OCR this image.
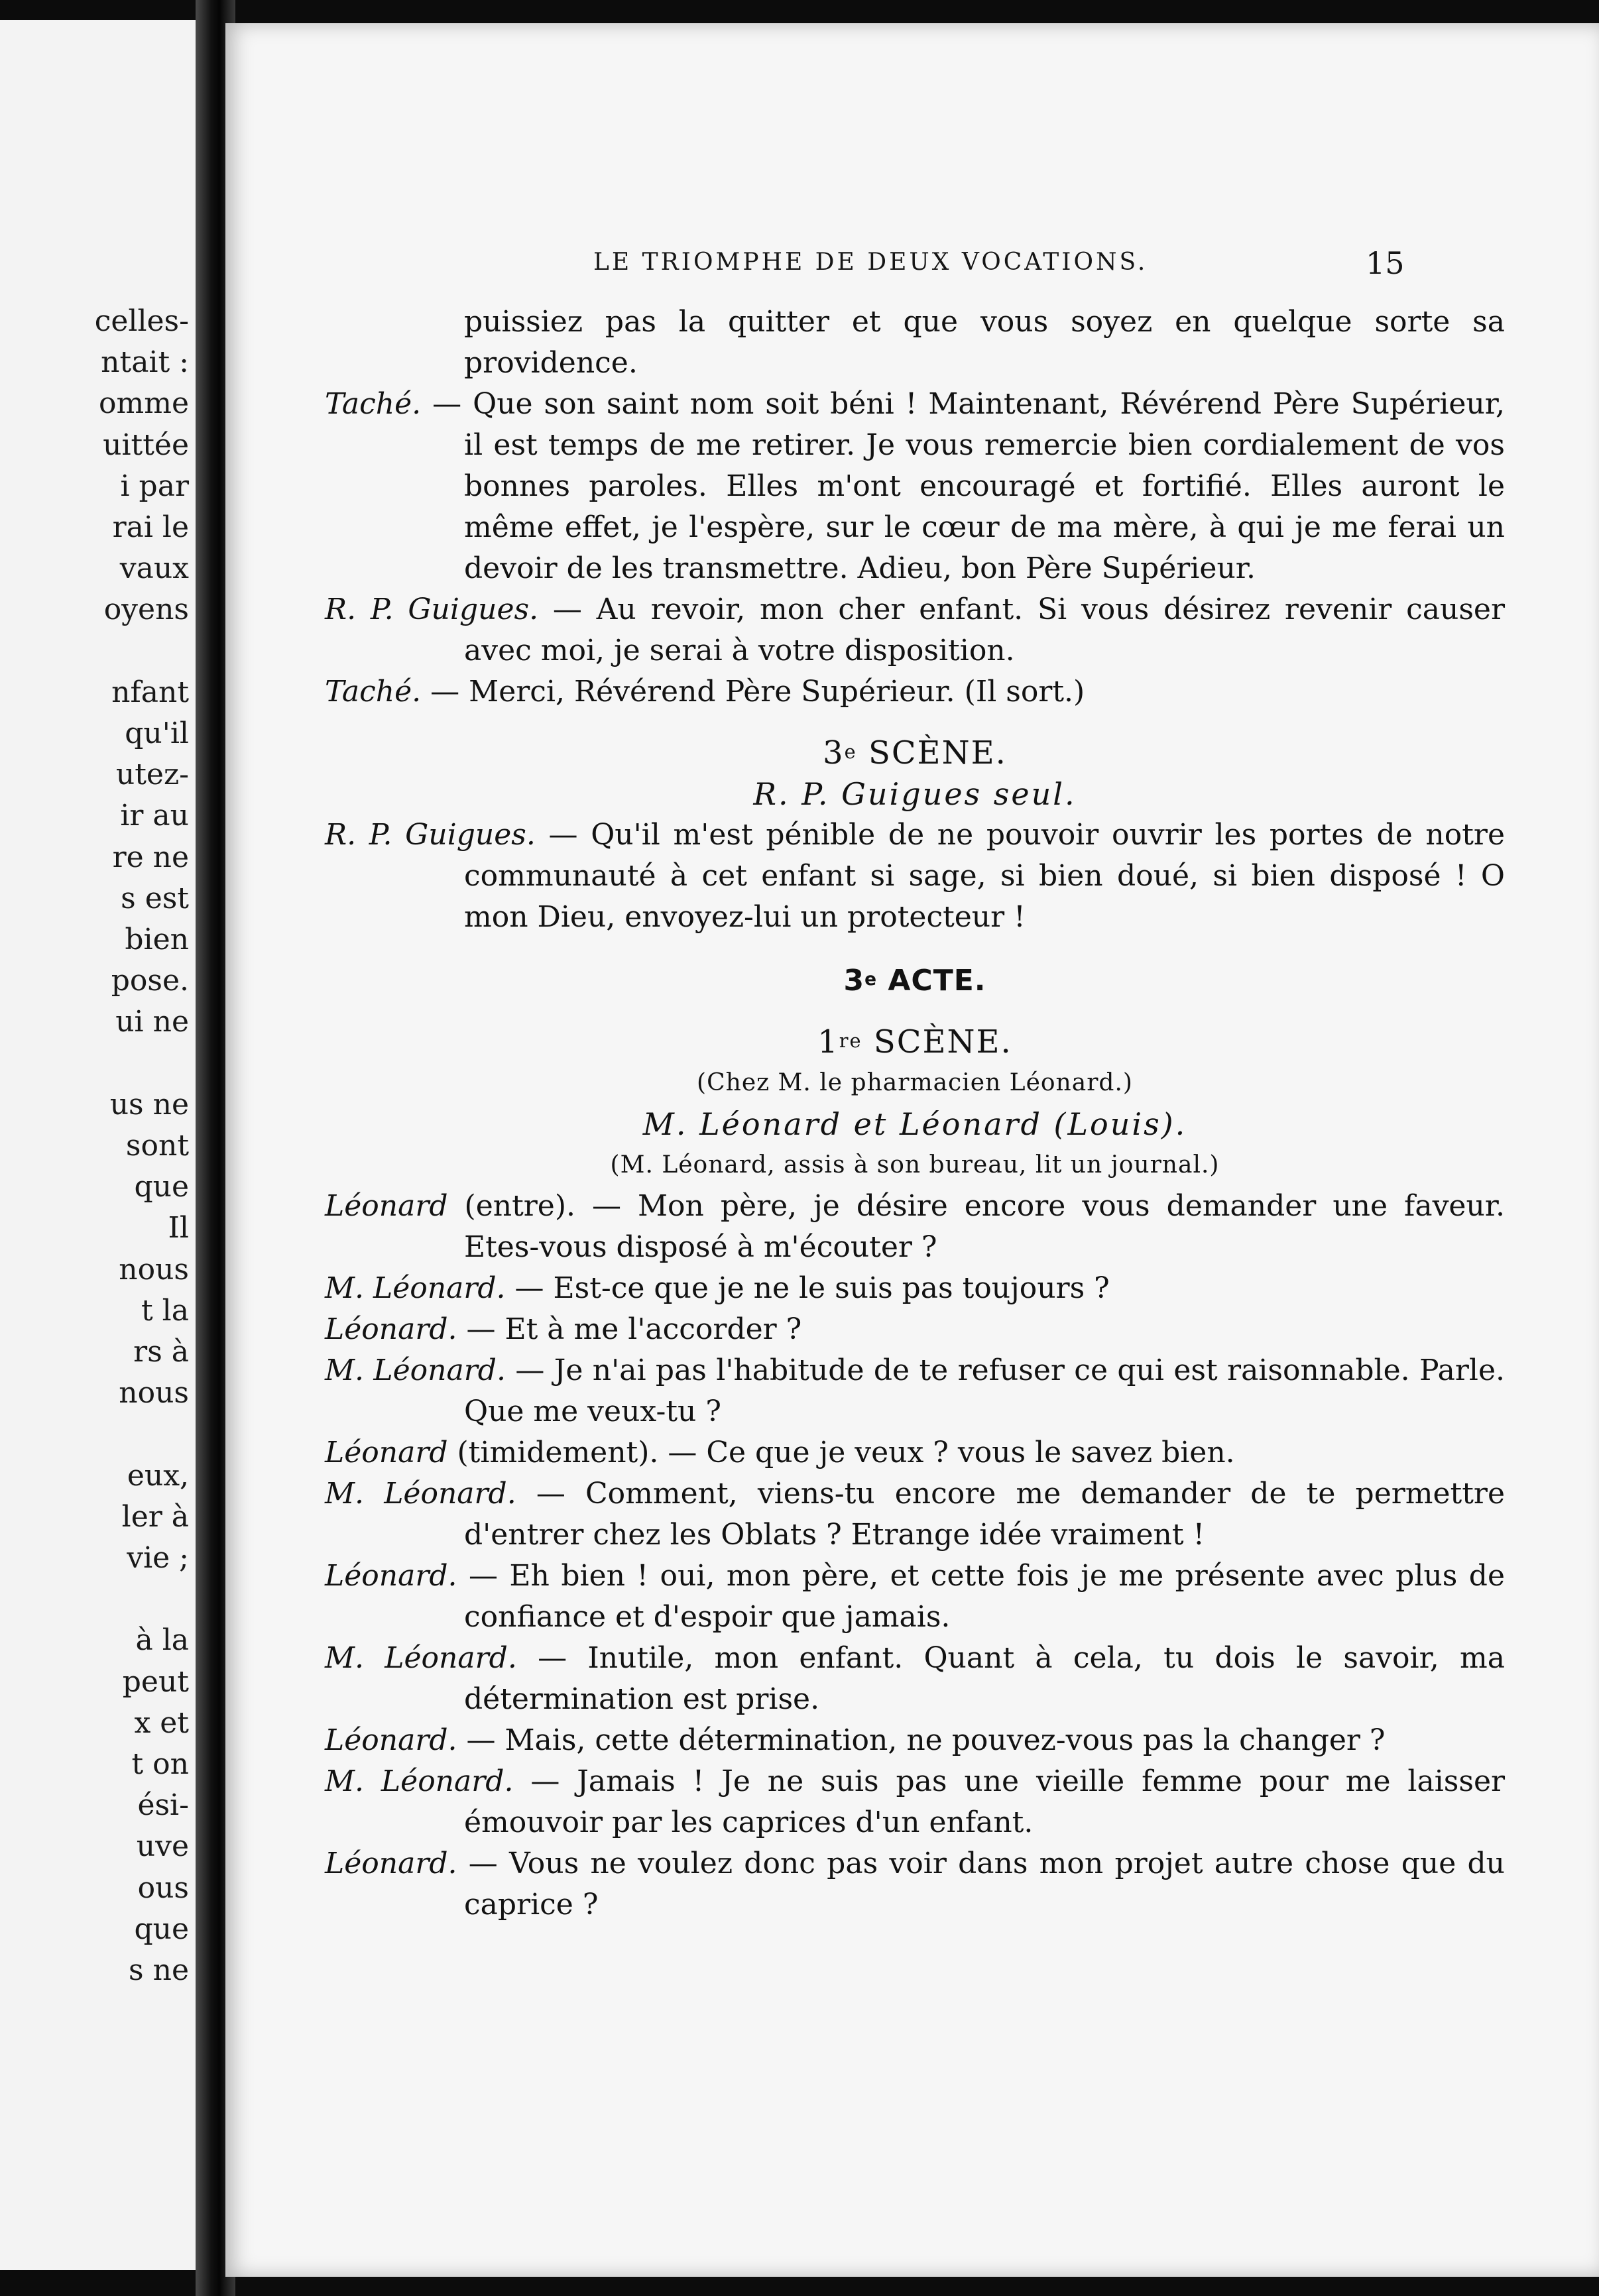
celles-
ntait :
omme
uittée
i par
rai le
vaux
oyens
nfant
qu'il
utez-
ir au
re ne
s est
bien
pose.
ui ne
us ne
sont
que
Il
nous
t la
rs à
nous
eux,
ler à
vie ;
à la
peut
x et
t on
ési-
uve
ous
que
s ne
LE TRIOMPHE DE DEUX VOCATIONS.	15

puissiez pas la quitter et que vous soyez en quelque sorte sa providence.

Taché. — Que son saint nom soit béni ! Maintenant, Révérend Père Supérieur, il est temps de me retirer. Je vous remercie bien cordialement de vos bonnes paroles. Elles m'ont encouragé et fortifié. Elles auront le même effet, je l'espère, sur le cœur de ma mère, à qui je me ferai un devoir de les transmettre. Adieu, bon Père Supérieur.

R. P. Guigues. — Au revoir, mon cher enfant. Si vous désirez revenir causer avec moi, je serai à votre disposition.

Taché. — Merci, Révérend Père Supérieur. (Il sort.)

3e SCÈNE.

R. P. Guigues seul.

R. P. Guigues. — Qu'il m'est pénible de ne pouvoir ouvrir les portes de notre communauté à cet enfant si sage, si bien doué, si bien disposé ! O mon Dieu, envoyez-lui un protecteur !

3e ACTE.

1re SCÈNE.

(Chez M. le pharmacien Léonard.)

M. Léonard et Léonard (Louis).

(M. Léonard, assis à son bureau, lit un journal.)

Léonard (entre). — Mon père, je désire encore vous demander une faveur. Etes-vous disposé à m'écouter ?

M. Léonard. — Est-ce que je ne le suis pas toujours ?

Léonard. — Et à me l'accorder ?

M. Léonard. — Je n'ai pas l'habitude de te refuser ce qui est raisonnable. Parle. Que me veux-tu ?

Léonard (timidement). — Ce que je veux ? vous le savez bien.

M. Léonard. — Comment, viens-tu encore me demander de te permettre d'entrer chez les Oblats ? Etrange idée vraiment !

Léonard. — Eh bien ! oui, mon père, et cette fois je me présente avec plus de confiance et d'espoir que jamais.

M. Léonard. — Inutile, mon enfant. Quant à cela, tu dois le savoir, ma détermination est prise.

Léonard. — Mais, cette détermination, ne pouvez-vous pas la changer ?

M. Léonard. — Jamais ! Je ne suis pas une vieille femme pour me laisser émouvoir par les caprices d'un enfant.

Léonard. — Vous ne voulez donc pas voir dans mon projet autre chose que du caprice ?
